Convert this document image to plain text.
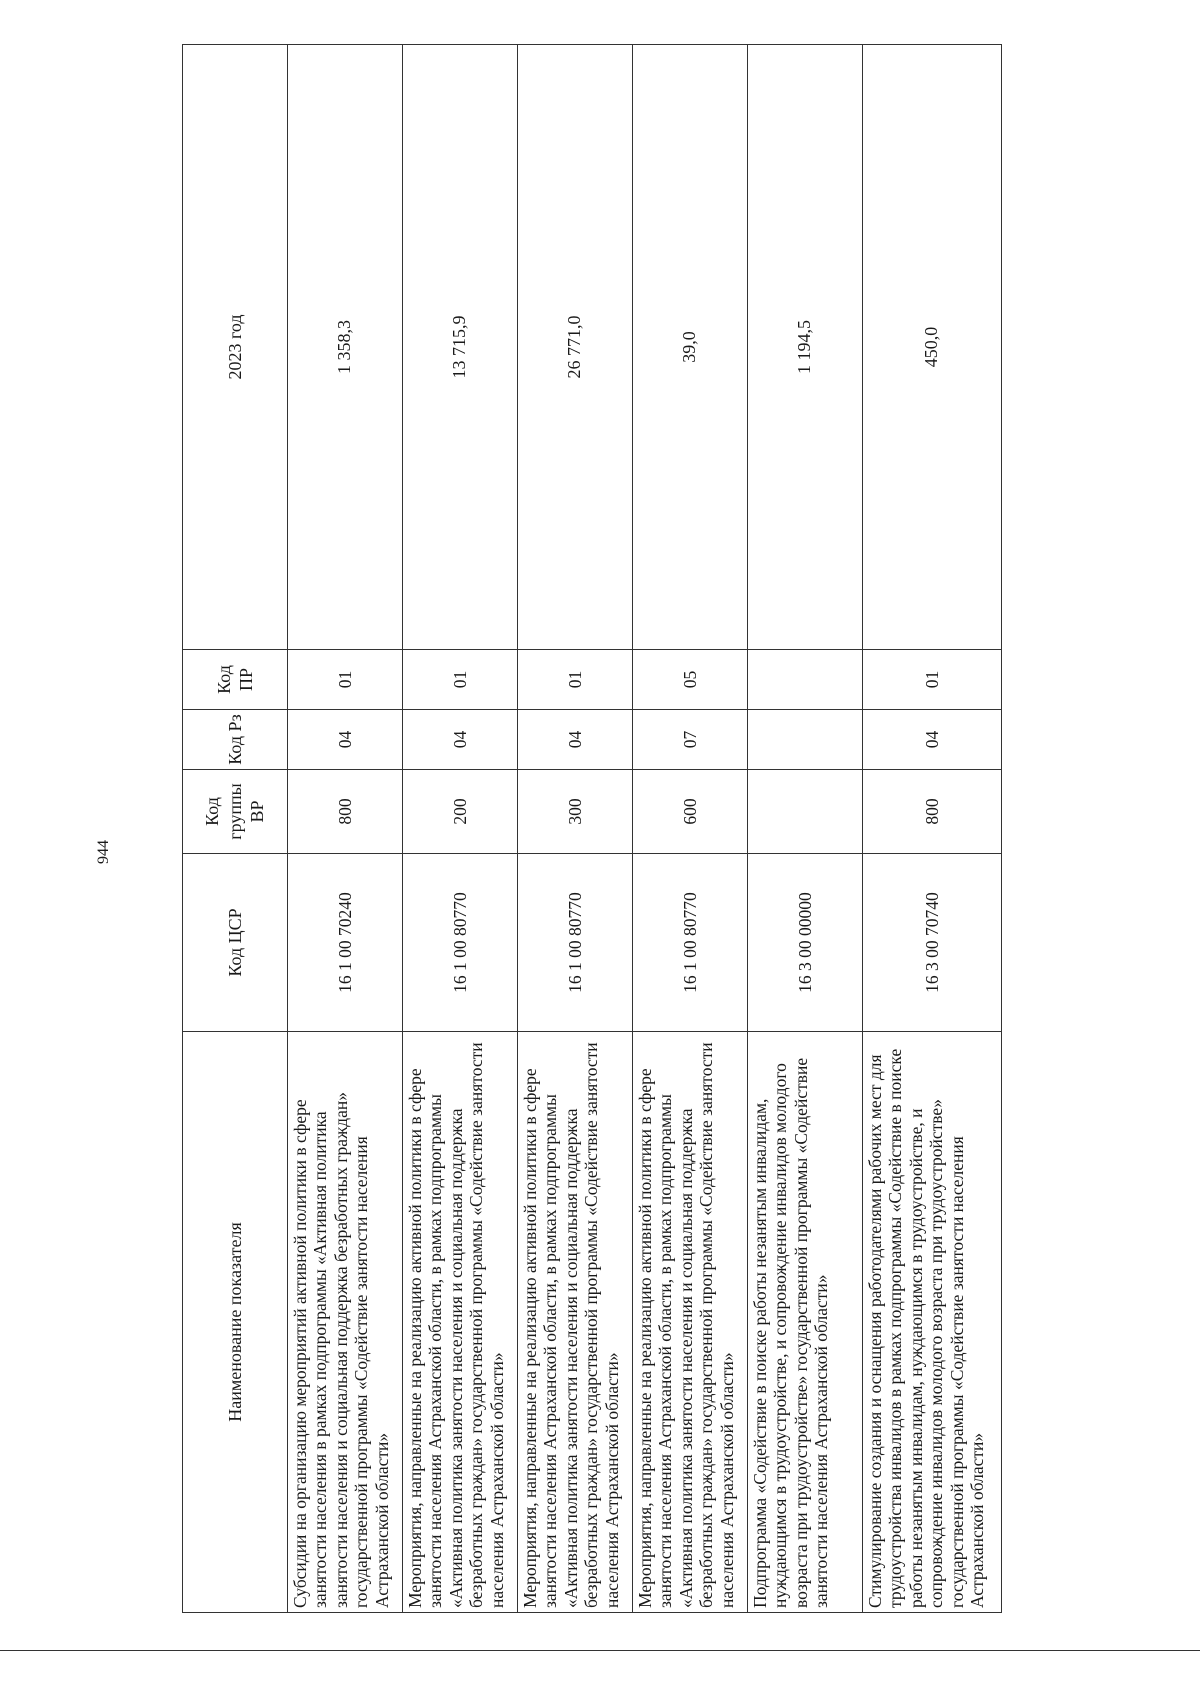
944
Наименование показателя	Код ЦСР	Код группы ВР	Код Рз	Код ПР	2023 год
Субсидии на организацию мероприятий активной политики в сфере занятости населения в рамках подпрограммы «Активная политика занятости населения и социальная поддержка безработных граждан» государственной программы «Содействие занятости населения Астраханской области»	16 1 00 70240	800	04	01	1 358,3
Мероприятия, направленные на реализацию активной политики в сфере занятости населения Астраханской области, в рамках подпрограммы «Активная политика занятости населения и социальная поддержка безработных граждан» государственной программы «Содействие занятости населения Астраханской области»	16 1 00 80770	200	04	01	13 715,9
Мероприятия, направленные на реализацию активной политики в сфере занятости населения Астраханской области, в рамках подпрограммы «Активная политика занятости населения и социальная поддержка безработных граждан» государственной программы «Содействие занятости населения Астраханской области»	16 1 00 80770	300	04	01	26 771,0
Мероприятия, направленные на реализацию активной политики в сфере занятости населения Астраханской области, в рамках подпрограммы «Активная политика занятости населения и социальная поддержка безработных граждан» государственной программы «Содействие занятости населения Астраханской области»	16 1 00 80770	600	07	05	39,0
Подпрограмма «Содействие в поиске работы незанятым инвалидам, нуждающимся в трудоустройстве, и сопровождение инвалидов молодого возраста при трудоустройстве» государственной программы «Содействие занятости населения Астраханской области»	16 3 00 00000				1 194,5
Стимулирование создания и оснащения работодателями рабочих мест для трудоустройства инвалидов в рамках подпрограммы «Содействие в поиске работы незанятым инвалидам, нуждающимся в трудоустройстве, и сопровождение инвалидов молодого возраста при трудоустройстве» государственной программы «Содействие занятости населения Астраханской области»	16 3 00 70740	800	04	01	450,0
